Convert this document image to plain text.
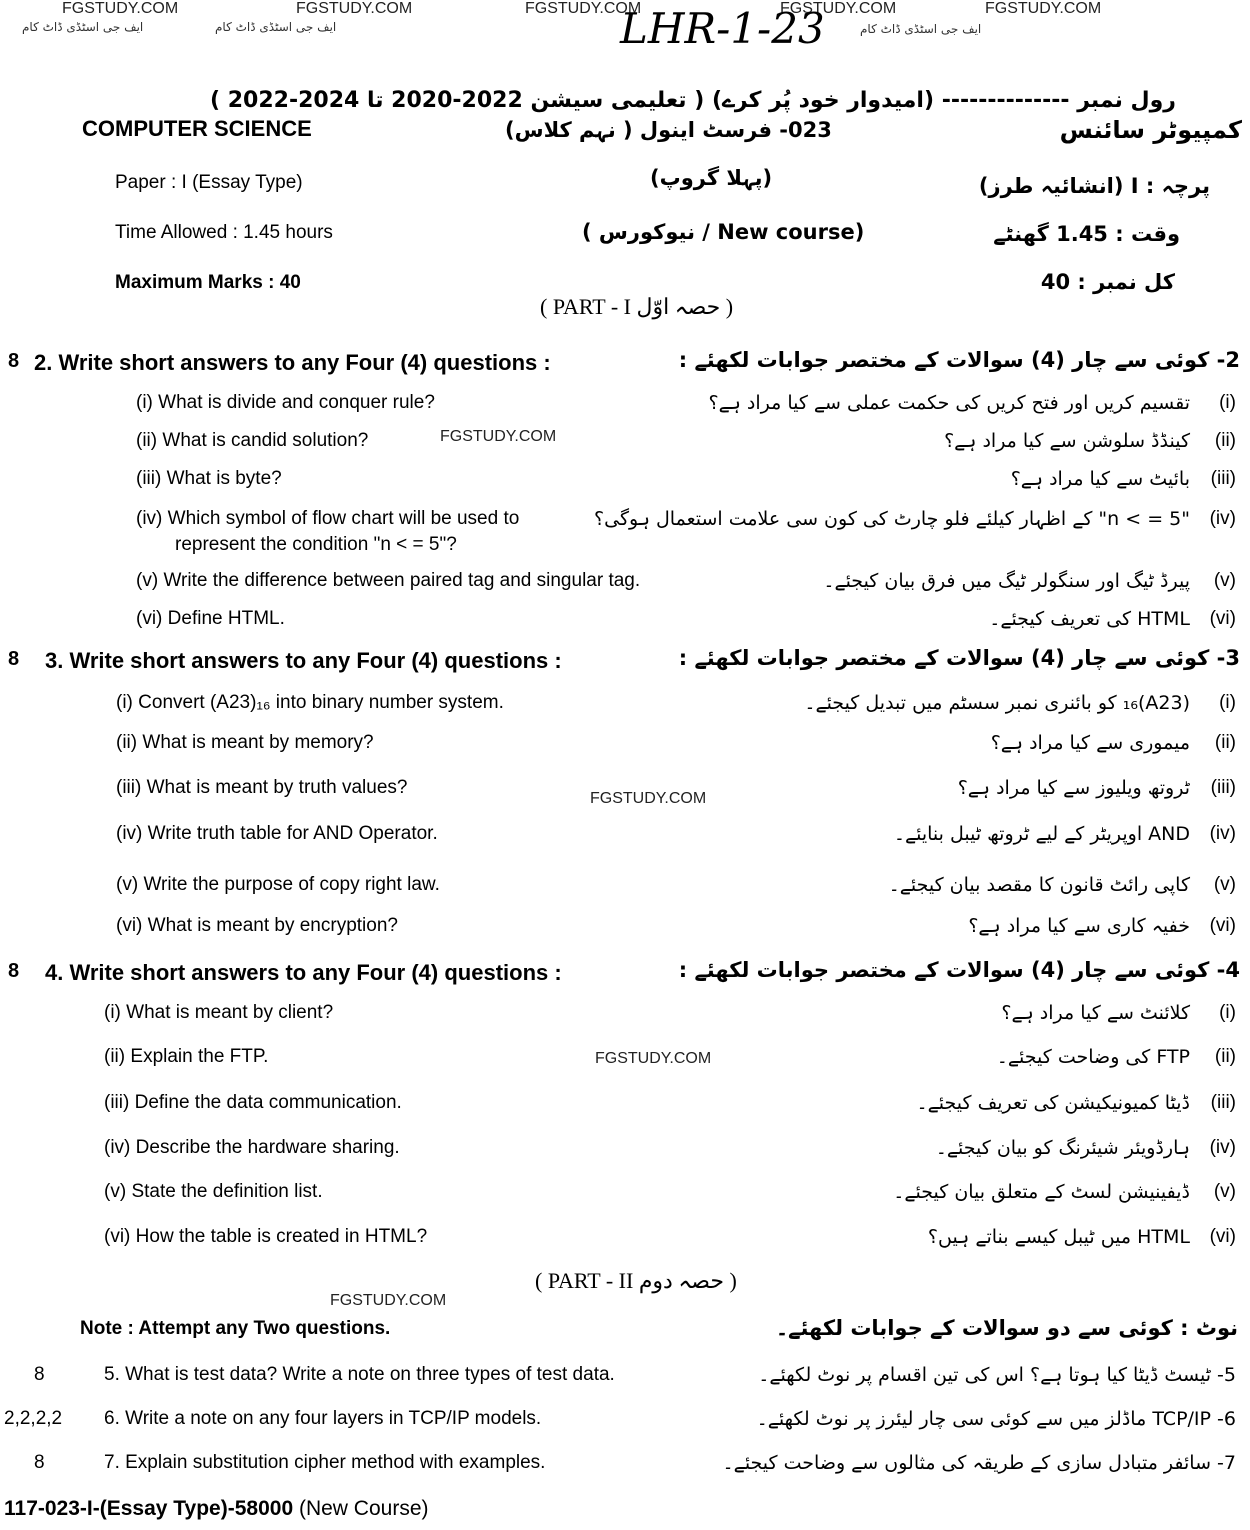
FGSTUDY.COM	FGSTUDY.COM	FGSTUDY.COM	FGSTUDY.COM	FGSTUDY.COM
ایف جی اسٹڈی ڈاٹ کام	ایف جی اسٹڈی ڈاٹ کام	ایف جی اسٹڈی ڈاٹ کام
FGSTUDY.COM
FGSTUDY.COM
FGSTUDY.COM
FGSTUDY.COM
LHR-1-23
رول نمبر -------------- (امیدوار خود پُر کرے) ( تعلیمی سیشن 2022-2020 تا 2024-2022 )
COMPUTER SCIENCE	023- فرسٹ اینول ( نہم کلاس)	کمپیوٹر سائنس
Paper : I (Essay Type)	(پہلا گروپ)	پرچہ : I (انشائیہ طرز)
Time Allowed : 1.45 hours	(New course / نیوکورس )	وقت : 1.45 گھنٹے
Maximum Marks : 40	کل نمبر : 40
( PART - I حصہ اوّل )
8 2. Write short answers to any Four (4) questions :	2- کوئی سے چار (4) سوالات کے مختصر جوابات لکھئے :
(i) What is divide and conquer rule?	تقسیم کریں اور فتح کریں کی حکمت عملی سے کیا مراد ہے؟ (i)
(ii) What is candid solution?	کینڈڈ سلوشن سے کیا مراد ہے؟ (ii)
(iii) What is byte?	بائیٹ سے کیا مراد ہے؟ (iii)
(iv) Which symbol of flow chart will be used to
represent the condition "n < = 5"?
"n < = 5" کے اظہار کیلئے فلو چارٹ کی کون سی علامت استعمال ہوگی؟ (iv)
(v) Write the difference between paired tag and singular tag.	پیرڈ ٹیگ اور سنگولر ٹیگ میں فرق بیان کیجئے۔ (v)
(vi) Define HTML.	HTML کی تعریف کیجئے۔ (vi)
8 3. Write short answers to any Four (4) questions :	3- کوئی سے چار (4) سوالات کے مختصر جوابات لکھئے :
(i) Convert (A23)₁₆ into binary number system.	(A23)₁₆ کو بائنری نمبر سسٹم میں تبدیل کیجئے۔ (i)
(ii) What is meant by memory?	میموری سے کیا مراد ہے؟ (ii)
(iii) What is meant by truth values?	ٹروتھ ویلیوز سے کیا مراد ہے؟ (iii)
(iv) Write truth table for AND Operator.	AND اوپریٹر کے لیے ٹروتھ ٹیبل بنایئے۔ (iv)
(v) Write the purpose of copy right law.	کاپی رائٹ قانون کا مقصد بیان کیجئے۔ (v)
(vi) What is meant by encryption?	خفیہ کاری سے کیا مراد ہے؟ (vi)
8 4. Write short answers to any Four (4) questions :	4- کوئی سے چار (4) سوالات کے مختصر جوابات لکھئے :
(i) What is meant by client?	کلائنٹ سے کیا مراد ہے؟ (i)
(ii) Explain the FTP.	FTP کی وضاحت کیجئے۔ (ii)
(iii) Define the data communication.	ڈیٹا کمیونیکیشن کی تعریف کیجئے۔ (iii)
(iv) Describe the hardware sharing.	ہارڈویئر شیئرنگ کو بیان کیجئے۔ (iv)
(v) State the definition list.	ڈیفینیشن لسٹ کے متعلق بیان کیجئے۔ (v)
(vi) How the table is created in HTML?	HTML میں ٹیبل کیسے بناتے ہیں؟ (vi)
( PART - II حصہ دوم )
Note : Attempt any Two questions.	نوٹ : کوئی سے دو سوالات کے جوابات لکھئے۔
8	5. What is test data? Write a note on three types of test data.	5- ٹیسٹ ڈیٹا کیا ہوتا ہے؟ اس کی تین اقسام پر نوٹ لکھئے۔
2,2,2,2 6. Write a note on any four layers in TCP/IP models.	6- TCP/IP ماڈلز میں سے کوئی سی چار لیئرز پر نوٹ لکھئے۔
8	7. Explain substitution cipher method with examples.	7- سائفر متبادل سازی کے طریقہ کی مثالوں سے وضاحت کیجئے۔
117-023-I-(Essay Type)-58000 (New Course)
